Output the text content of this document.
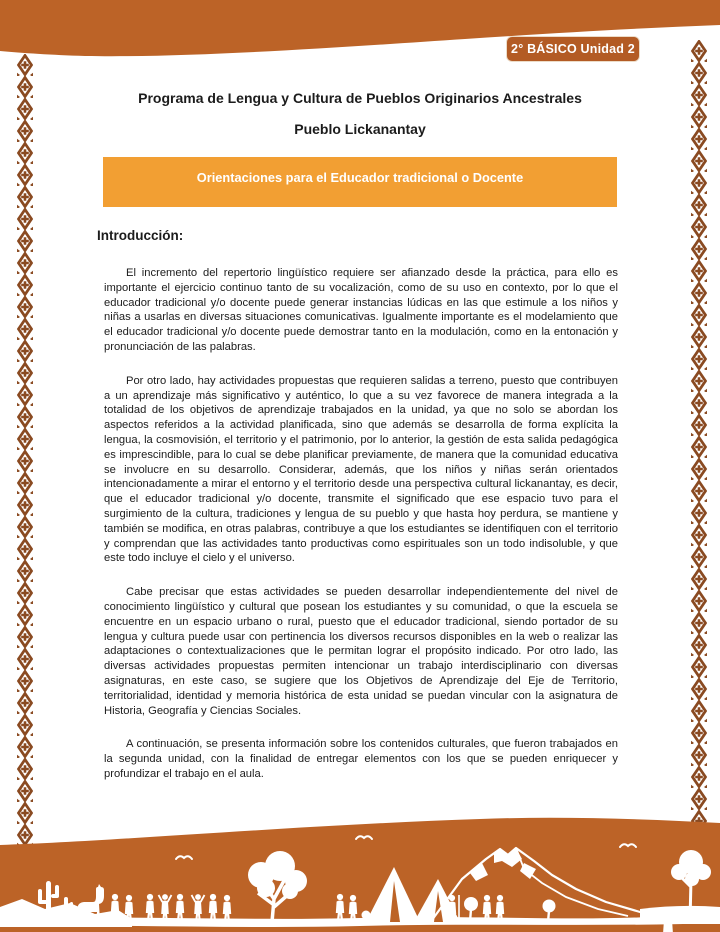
2° BÁSICO Unidad 2
Programa de Lengua y Cultura de Pueblos Originarios Ancestrales
Pueblo Lickanantay
Orientaciones para el Educador tradicional o Docente
Introducción:

El incremento del repertorio lingüístico requiere ser afianzado desde la práctica, para ello es importante el ejercicio continuo tanto de su vocalización, como de su uso en contexto, por lo que el educador tradicional y/o docente puede generar instancias lúdicas en las que estimule a los niños y niñas a usarlas en diversas situaciones comunicativas. Igualmente importante es el modelamiento que el educador tradicional y/o docente puede demostrar tanto en la modulación, como en la entonación y pronunciación de las palabras.

Por otro lado, hay actividades propuestas que requieren salidas a terreno, puesto que contribuyen a un aprendizaje más significativo y auténtico, lo que a su vez favorece de manera integrada a la totalidad de los objetivos de aprendizaje trabajados en la unidad, ya que no solo se abordan los aspectos referidos a la actividad planificada, sino que además se desarrolla de forma explícita la lengua, la cosmovisión, el territorio y el patrimonio, por lo anterior, la gestión de esta salida pedagógica es imprescindible, para lo cual se debe planificar previamente, de manera que la comunidad educativa se involucre en su desarrollo. Considerar, además, que los niños y niñas serán orientados intencionadamente a mirar el entorno y el territorio desde una perspectiva cultural lickanantay, es decir, que el educador tradicional y/o docente, transmite el significado que ese espacio tuvo para el surgimiento de la cultura, tradiciones y lengua de su pueblo y que hasta hoy perdura, se mantiene y también se modifica, en otras palabras, contribuye a que los estudiantes se identifiquen con el territorio y comprendan que las actividades tanto productivas como espirituales son un todo indisoluble, y que este todo incluye el cielo y el universo.

Cabe precisar que estas actividades se pueden desarrollar independientemente del nivel de conocimiento lingüístico y cultural que posean los estudiantes y su comunidad, o que la escuela se encuentre en un espacio urbano o rural, puesto que el educador tradicional, siendo portador de su lengua y cultura puede usar con pertinencia los diversos recursos disponibles en la web o realizar las adaptaciones o contextualizaciones que le permitan lograr el propósito indicado. Por otro lado, las diversas actividades propuestas permiten intencionar un trabajo interdisciplinario con diversas asignaturas, en este caso, se sugiere que los Objetivos de Aprendizaje del Eje de Territorio, territorialidad, identidad y memoria histórica de esta unidad se puedan vincular con la asignatura de Historia, Geografía y Ciencias Sociales.

A continuación, se presenta información sobre los contenidos culturales, que fueron trabajados en la segunda unidad, con la finalidad de entregar elementos con los que se pueden enriquecer y profundizar el trabajo en el aula.
